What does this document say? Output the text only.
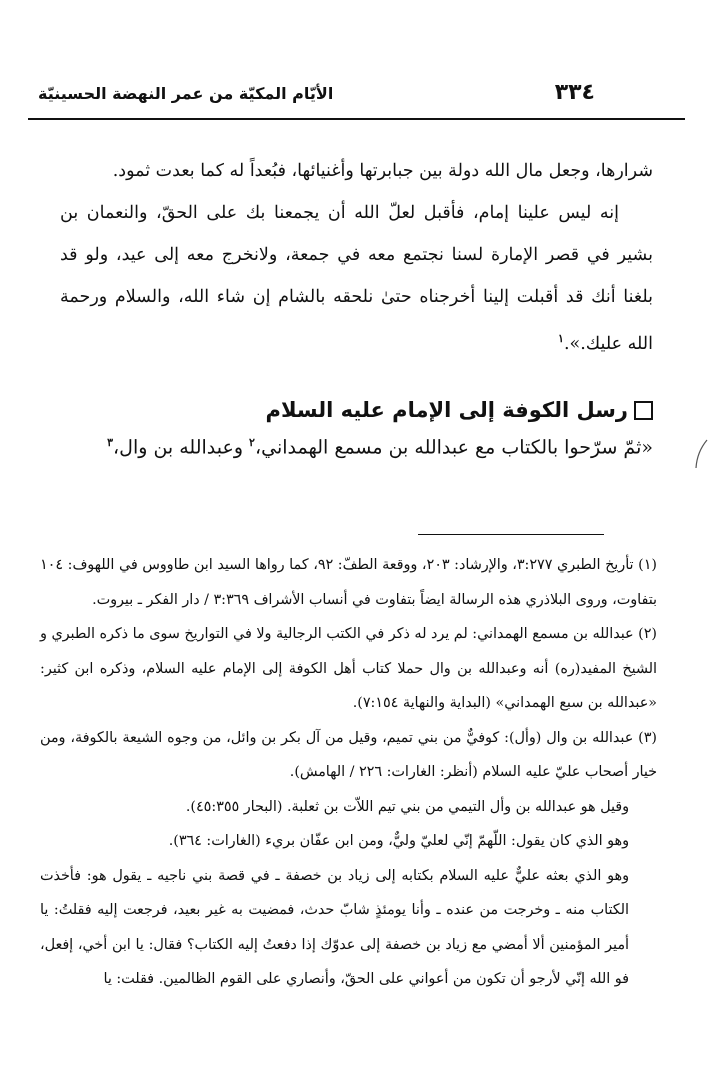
٣٣٤
الأيّام المكيّة من عمر النهضة الحسينيّة

شرارها، وجعل مال الله دولة بين جبابرتها وأغنيائها، فبُعداً له كما بعدت ثمود.

إنه ليس علينا إمام، فأقبل لعلّ الله أن يجمعنا بك على الحقّ، والنعمان بن بشير في قصر الإمارة لسنا نجتمع معه في جمعة، ولانخرج معه إلى عيد، ولو قد بلغنا أنك قد أقبلت إلينا أخرجناه حتىٰ نلحقه بالشام إن شاء الله، والسلام ورحمة الله عليك.».$^١$

رسل الكوفة إلى الإمام عليه السلام
«ثمّ سرّحوا بالكتاب مع عبدالله بن مسمع الهمداني،$^٢$ وعبدالله بن وال،$^٣$

(١) تأريخ الطبري ٣:٢٧٧، والإرشاد: ٢٠٣، ووقعة الطفّ: ٩٢، كما رواها السيد ابن طاووس في اللهوف: ١٠٤ بتفاوت، وروى البلاذري هذه الرسالة ايضاً بتفاوت في أنساب الأشراف ٣:٣٦٩ / دار الفكر ـ بيروت.

(٢) عبدالله بن مسمع الهمداني: لم يرد له ذكر في الكتب الرجالية ولا في التواريخ سوى ما ذكره الطبري و الشيخ المفيد(ره) أنه وعبدالله بن وال حملا كتاب أهل الكوفة إلى الإمام عليه السلام، وذكره ابن كثير: «عبدالله بن سبع الهمداني» (البداية والنهاية ٧:١٥٤).

(٣) عبدالله بن وال (وأل): كوفيٌّ من بني تميم، وقيل من آل بكر بن وائل، من وجوه الشيعة بالكوفة، ومن خيار أصحاب عليّ عليه السلام (أنظر: الغارات: ٢٢٦ / الهامش).

وقيل هو عبدالله بن وأل التيمي من بني تيم اللاّت بن ثعلبة. (البحار ٤٥:٣٥٥).

وهو الذي كان يقول: اللّهمّ إنّي لعليّ وليٌّ، ومن ابن عفّان بريء (الغارات: ٣٦٤).

وهو الذي بعثه عليٌّ عليه السلام بكتابه إلى زياد بن خصفة ـ في قصة بني ناجيه ـ يقول هو: فأخذت الكتاب منه ـ وخرجت من عنده ـ وأنا يومئذٍ شابّ حدث، فمضيت به غير بعيد، فرجعت إليه فقلتُ: يا أمير المؤمنين ألا أمضي مع زياد بن خصفة إلى عدوّك إذا دفعتُ إليه الكتاب؟ فقال: يا ابن أخي، إفعل، فو الله إنّي لأرجو أن تكون من أعواني على الحقّ، وأنصاري على القوم الظالمين. فقلت: يا
